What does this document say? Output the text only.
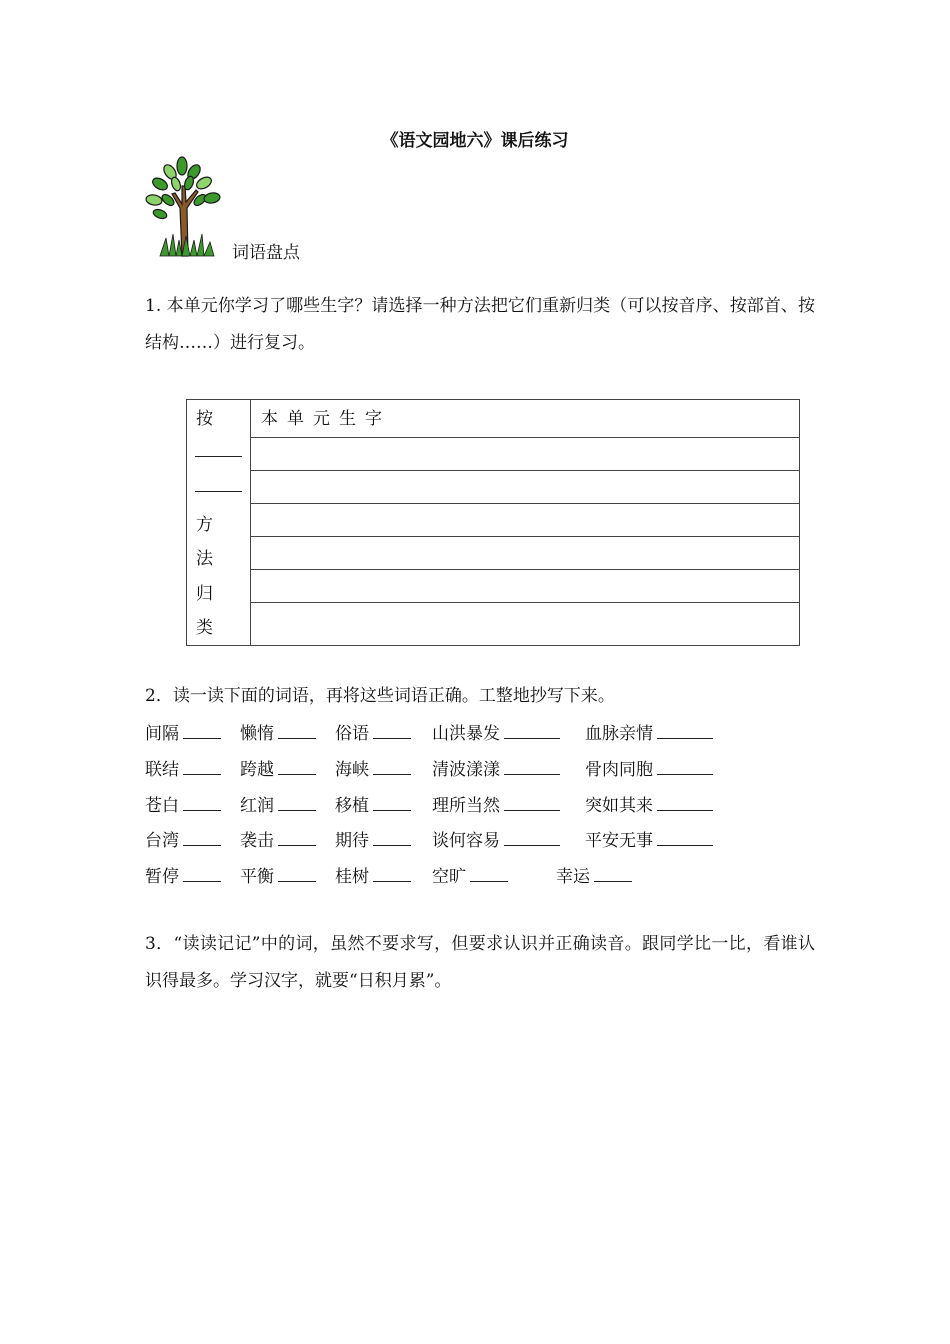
《语文园地六》课后练习
词语盘点
1. 本单元你学习了哪些生字？请选择一种方法把它们重新归类（可以按音序、按部首、按结构……）进行复习。
按
方
法
归
类
本单元生字
2．读一读下面的词语，再将这些词语正确。工整地抄写下来。
间隔	懒惰	俗语	山洪暴发	血脉亲情
联结	跨越	海峡	清波漾漾	骨肉同胞
苍白	红润	移植	理所当然	突如其来
台湾	袭击	期待	谈何容易	平安无事
暂停	平衡	桂树	空旷	幸运
3．“读读记记”中的词，虽然不要求写，但要求认识并正确读音。跟同学比一比，看谁认识得最多。学习汉字，就要“日积月累”。
